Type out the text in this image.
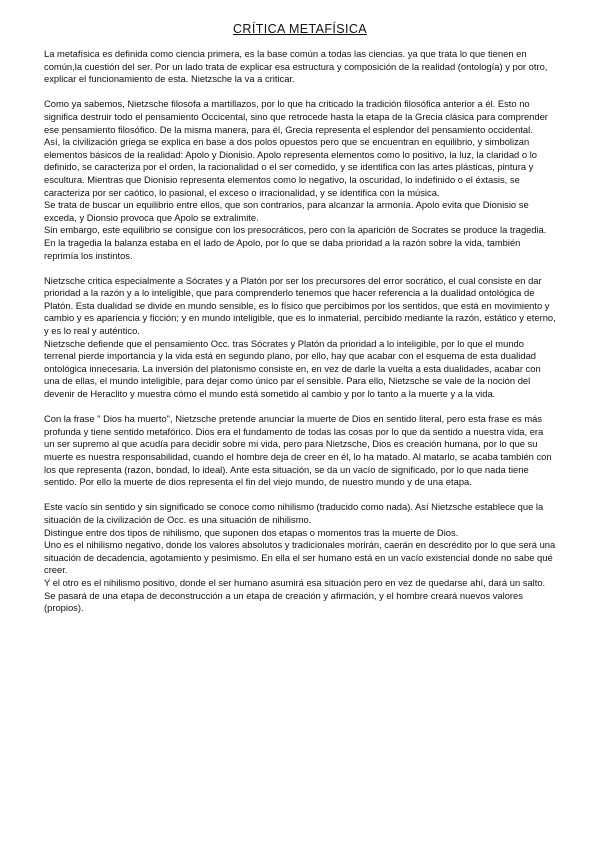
CRÍTICA METAFÍSICA

La metafísica es definida como ciencia primera, es la base común a todas las ciencias. ya que trata lo que tienen en común,la cuestión del ser. Por un lado trata de explicar esa estructura y composición de la realidad (ontología) y por otro, explicar el funcionamiento de esta. Nietzsche la va a criticar.

Como ya sabemos, Nietzsche filosofa a martillazos, por lo que ha criticado la tradición filosófica anterior a él. Esto no significa destruir todo el pensamiento Occicental, sino que retrocede hasta la etapa de la Grecia clásica para comprender ese pensamiento filosófico. De la misma manera, para él, Grecia representa el esplendor del pensamiento occidental.

Así, la civilización griega se explica en base a dos polos opuestos pero que se encuentran en equilibrio, y simbolizan elementos básicos de la realidad: Apolo y Dionisio. Apolo representa elementos como lo positivo, la luz, la claridad o lo definido, se caracteriza por el orden, la racionalidad o el ser comedido, y se identifica con las artes plásticas, pintura y escultura. Mientras que Dionisio representa elementos como lo negativo, la oscuridad, lo indefinido o el éxtasis, se caracteriza por ser caótico, lo pasional, el exceso o irracionalidad, y se identifica con la música.

Se trata de buscar un equilibrio entre ellos, que son contrarios, para alcanzar la armonía. Apolo evita que Dionisio se exceda, y Dionsio provoca que Apolo se extralimite.

Sin embargo, este equilibrio se consigue con los presocráticos, pero con la aparición de Socrates se produce la tragedia. En la tragedia la balanza estaba en el lado de Apolo, por lo que se daba prioridad a la razón sobre la vida, también reprimía los instintos.

Nietzsche critica especialmente a Sócrates y a Platón por ser los precursores del error socrático, el cual consiste en dar prioridad a la razón y a lo inteligible, que para comprenderlo tenemos que hacer referencia a la dualidad ontológica de Platón. Esta dualidad se divide en mundo sensible, es lo físico que percibimos por los sentidos, que está en movimiento y cambio y es apariencia y ficción; y en mundo inteligible, que es lo inmaterial, percibido mediante la razón, estático y eterno, y es lo real y auténtico.

Nietzsche defiende que el pensamiento Occ. tras Sócrates y Platón da prioridad a lo inteligible, por lo que el mundo terrenal pierde importancia y la vida está en segundo plano, por ello, hay que acabar con el esquema de esta dualidad ontológica innecesaria. La inversión del platonismo consiste en, en vez de darle la vuelta a esta dualidades, acabar con una de ellas, el mundo inteligible, para dejar como único par el sensible. Para ello, Nietzsche se vale de la noción del devenir de Heraclito y muestra cómo el mundo está sometido al cambio y por lo tanto a la muerte y a la vida.

Con la frase " Dios ha muerto", Nietzsche pretende anunciar la muerte de Dios en sentido literal, pero esta frase es más profunda y tiene sentido metafórico. Dios era el fundamento de todas las cosas por lo que da sentido a nuestra vida, era un ser supremo al que acudía para decidir sobre mi vida, pero para Nietzsche, Dios es creación humana, por lo que su muerte es nuestra responsabilidad, cuando el hombre deja de creer en él, lo ha matado. Al matarlo, se acaba también con los que representa (razon, bondad, lo ideal). Ante esta situación, se da un vacío de significado, por lo que nada tiene sentido. Por ello la muerte de dios representa el fin del viejo mundo, de nuestro mundo y de una etapa.

Este vacío sin sentido y sin significado se conoce como nihilismo (traducido como nada). Así Nietzsche establece que la situación de la civilización de Occ. es una situación de nihilismo.

Distingue entre dos tipos de nihilismo, que suponen dos etapas o momentos tras la muerte de Dios.

Uno es el nihilismo negativo, donde los valores absolutos y tradicionales morirán, caerán en descrédito por lo que será una situación de decadencia, agotamiento y pesimismo. En ella el ser humano está en un vacío existencial donde no sabe qué creer.

Y el otro es el nihilismo positivo, donde el ser humano asumirá esa situación pero en vez de quedarse ahí, dará un salto. Se pasará de una etapa de deconstrucción a un etapa de creación y afirmación, y el hombre creará nuevos valores (propios).
